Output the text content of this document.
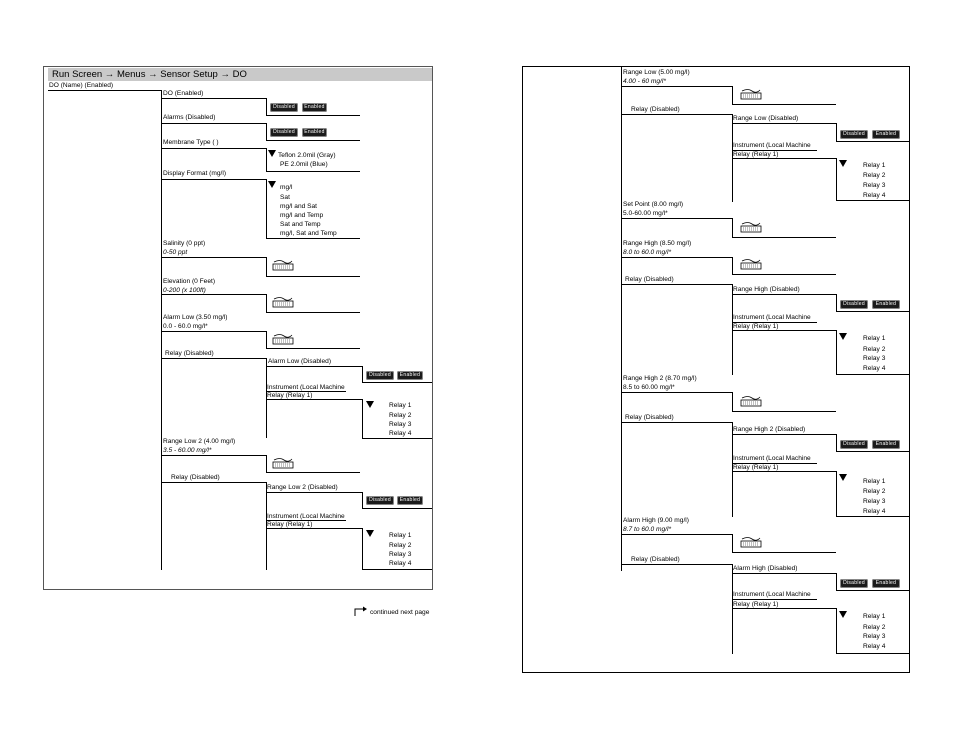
Run Screen → Menus → Sensor Setup → DO
DO (Name) (Enabled)
DO (Enabled)
Disabled	Enabled
Alarms (Disabled)
Disabled	Enabled
Membrane Type ( )
Teflon 2.0mil (Gray)
PE 2.0mil (Blue)
Display Format (mg/l)
mg/l
Sat
mg/l and Sat
mg/l and Temp
Sat and Temp
mg/l, Sat and Temp
Salinity (0 ppt)
0-50 ppt
Elevation (0 Feet)
0-200 (x 100ft)
Alarm Low (3.50 mg/l)
0.0 - 60.0 mg/l*
Relay (Disabled)
Alarm Low (Disabled)
Disabled	Enabled
Instrument (Local Machine
Relay (Relay 1)
Relay 1
Relay 2
Relay 3
Relay 4
Range Low 2 (4.00 mg/l)
3.5 - 60.00 mg/l*
Relay (Disabled)
Range Low 2 (Disabled)
Disabled	Enabled
Instrument (Local Machine
Relay (Relay 1)
Relay 1
Relay 2
Relay 3
Relay 4
continued next page
Range Low (5.00 mg/l)
4.00 - 60 mg/l*
Relay (Disabled)
Range Low (Disabled)
Disabled	Enabled
Instrument (Local Machine
Relay (Relay 1)
Relay 1
Relay 2
Relay 3
Relay 4
Set Point (8.00 mg/l)
5.0-60.00 mg/l*
Range High (8.50 mg/l)
8.0 to 60.0 mg/l*
Relay (Disabled)
Range High (Disabled)
Disabled	Enabled
Instrument (Local Machine
Relay (Relay 1)
Relay 1
Relay 2
Relay 3
Relay 4
Range High 2 (8.70 mg/l)
8.5 to 60.00 mg/l*
Relay (Disabled)
Range High 2 (Disabled)
Disabled	Enabled
Instrument (Local Machine
Relay (Relay 1)
Relay 1
Relay 2
Relay 3
Relay 4
Alarm High (9.00 mg/l)
8.7 to 60.0 mg/l*
Relay (Disabled)
Alarm High (Disabled)
Disabled	Enabled
Instrument (Local Machine
Relay (Relay 1)
Relay 1
Relay 2
Relay 3
Relay 4
